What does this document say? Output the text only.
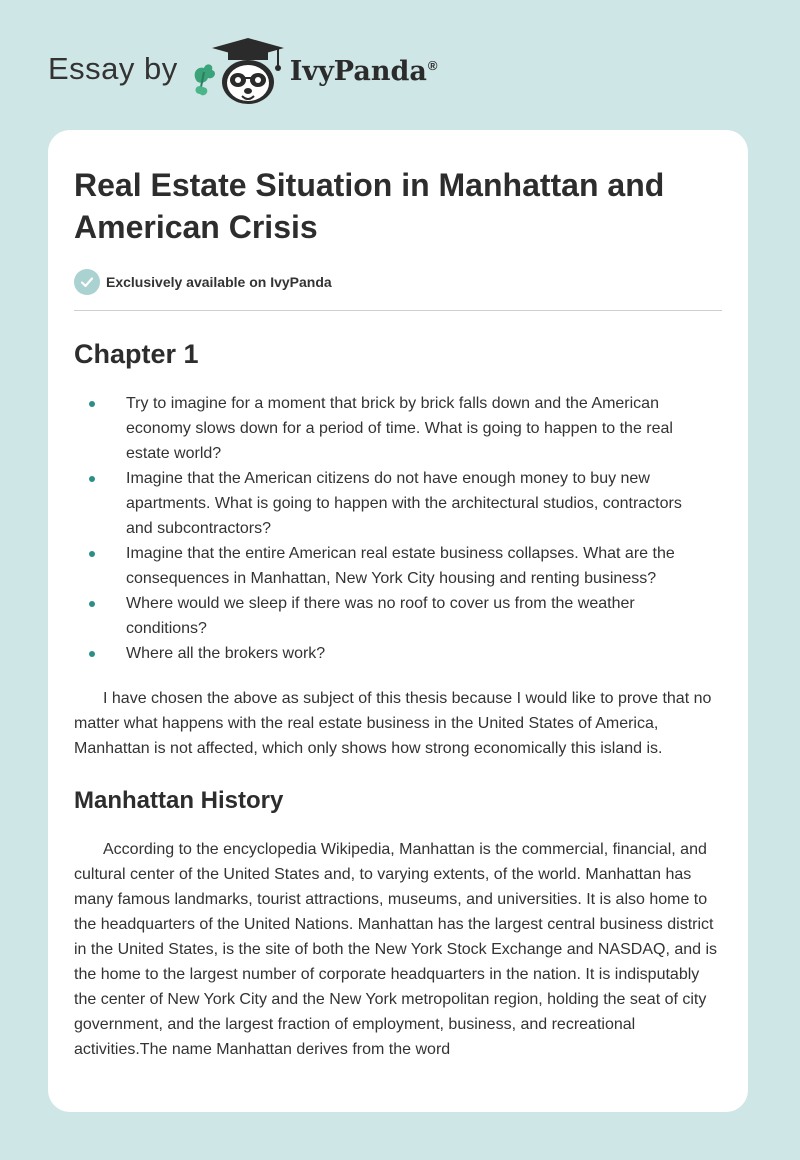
Essay by	IvyPanda®
Real Estate Situation in Manhattan and American Crisis
Exclusively available on IvyPanda
Chapter 1
Try to imagine for a moment that brick by brick falls down and the American economy slows down for a period of time. What is going to happen to the real estate world?
Imagine that the American citizens do not have enough money to buy new apartments. What is going to happen with the architectural studios, contractors and subcontractors?
Imagine that the entire American real estate business collapses. What are the consequences in Manhattan, New York City housing and renting business?
Where would we sleep if there was no roof to cover us from the weather conditions?
Where all the brokers work?

I have chosen the above as subject of this thesis because I would like to prove that no matter what happens with the real estate business in the United States of America, Manhattan is not affected, which only shows how strong economically this island is.

Manhattan History

According to the encyclopedia Wikipedia, Manhattan is the commercial, financial, and cultural center of the United States and, to varying extents, of the world. Manhattan has many famous landmarks, tourist attractions, museums, and universities. It is also home to the headquarters of the United Nations. Manhattan has the largest central business district in the United States, is the site of both the New York Stock Exchange and NASDAQ, and is the home to the largest number of corporate headquarters in the nation. It is indisputably the center of New York City and the New York metropolitan region, holding the seat of city government, and the largest fraction of employment, business, and recreational activities.The name Manhattan derives from the word
